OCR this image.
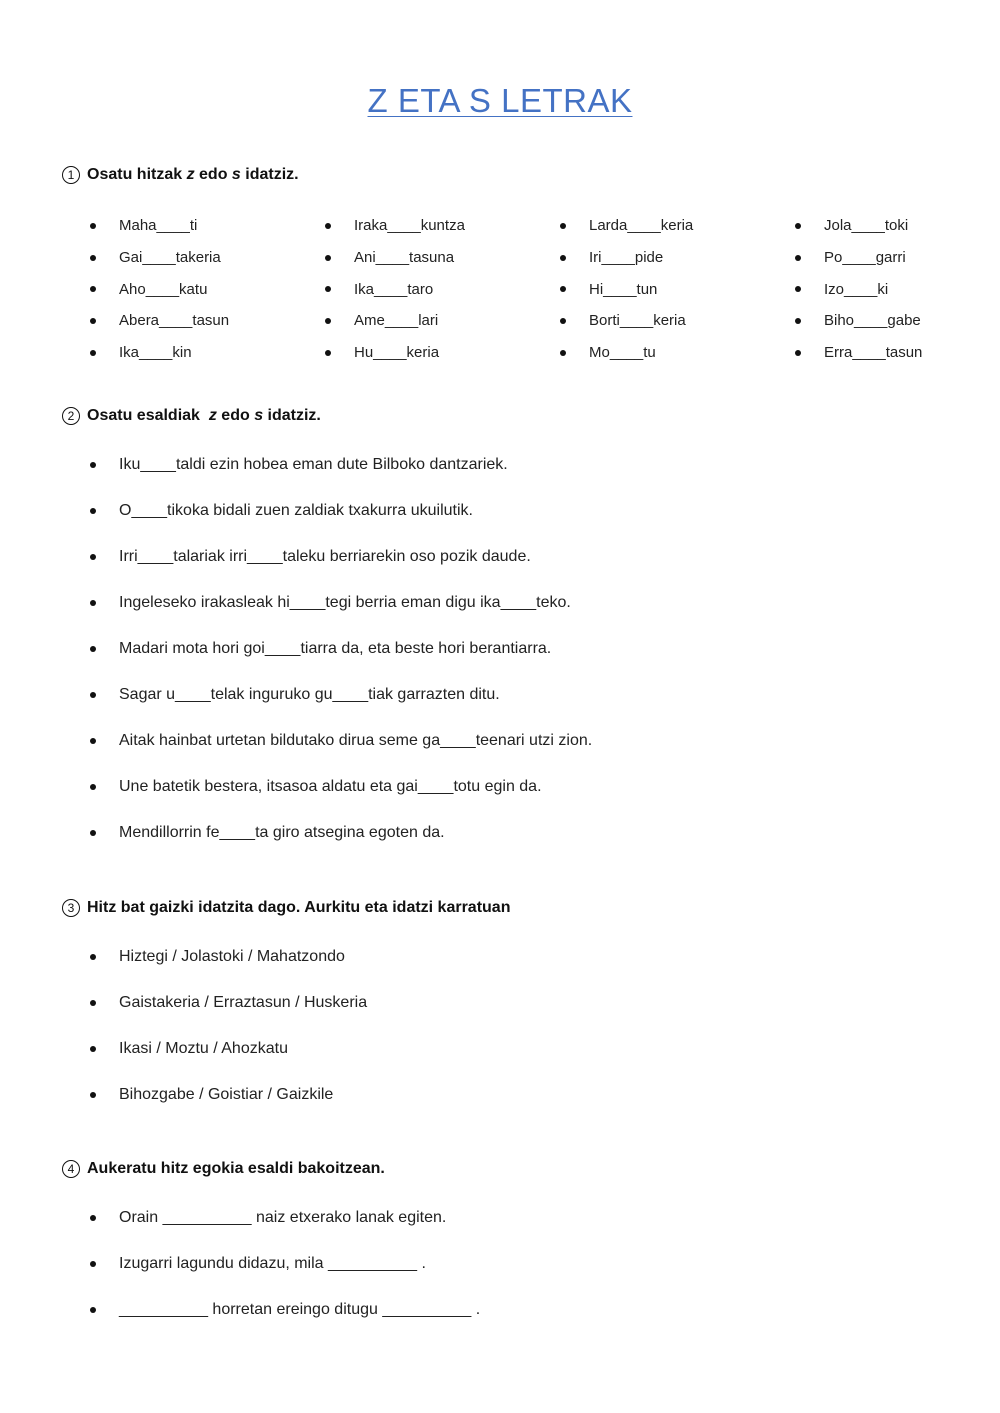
Z ETA S LETRAK
1 Osatu hitzak z edo s idatziz.
Maha____ti	Iraka____kuntza	Larda____keria	Jola____toki
Gai____takeria	Ani____tasuna	Iri____pide	Po____garri
Aho____katu	Ika____taro	Hi____tun	Izo____ki
Abera____tasun	Ame____lari	Borti____keria	Biho____gabe
Ika____kin	Hu____keria	Mo____tu	Erra____tasun
2 Osatu esaldiak z edo s idatziz.
Iku____taldi ezin hobea eman dute Bilboko dantzariek.
O____tikoka bidali zuen zaldiak txakurra ukuilutik.
Irri____talariak irri____taleku berriarekin oso pozik daude.
Ingeleseko irakasleak hi____tegi berria eman digu ika____teko.
Madari mota hori goi____tiarra da, eta beste hori berantiarra.
Sagar u____telak inguruko gu____tiak garrazten ditu.
Aitak hainbat urtetan bildutako dirua seme ga____teenari utzi zion.
Une batetik bestera, itsasoa aldatu eta gai____totu egin da.
Mendillorrin fe____ta giro atsegina egoten da.
3 Hitz bat gaizki idatzita dago. Aurkitu eta idatzi karratuan
Hiztegi / Jolastoki / Mahatzondo
Gaistakeria / Erraztasun / Huskeria
Ikasi / Moztu / Ahozkatu
Bihozgabe / Goistiar / Gaizkile
4 Aukeratu hitz egokia esaldi bakoitzean.
Orain __________ naiz etxerako lanak egiten.
Izugarri lagundu didazu, mila __________ .
__________ horretan ereingo ditugu __________ .
